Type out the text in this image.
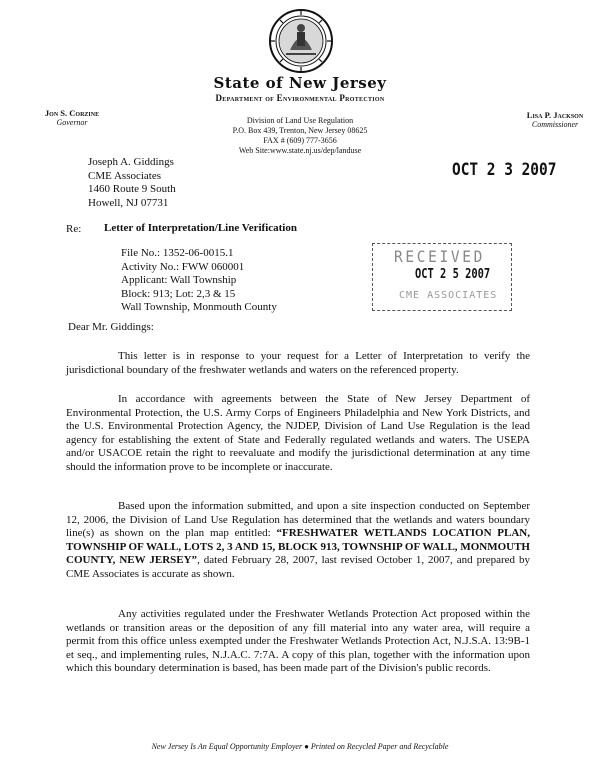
State of New Jersey
Department of Environmental Protection
Division of Land Use Regulation
P.O. Box 439, Trenton, New Jersey 08625
FAX # (609) 777-3656
Web Site:www.state.nj.us/dep/landuse
Jon S. Corzine
Governor
Lisa P. Jackson
Commissioner
OCT 2 3 2007
Joseph A. Giddings
CME Associates
1460 Route 9 South
Howell, NJ 07731
Re: Letter of Interpretation/Line Verification
File No.: 1352-06-0015.1
Activity No.: FWW 060001
Applicant: Wall Township
Block: 913; Lot: 2,3 & 15
Wall Township, Monmouth County
RECEIVED
OCT 2 5 2007
CME ASSOCIATES
Dear Mr. Giddings:
This letter is in response to your request for a Letter of Interpretation to verify the jurisdictional boundary of the freshwater wetlands and waters on the referenced property.
In accordance with agreements between the State of New Jersey Department of Environmental Protection, the U.S. Army Corps of Engineers Philadelphia and New York Districts, and the U.S. Environmental Protection Agency, the NJDEP, Division of Land Use Regulation is the lead agency for establishing the extent of State and Federally regulated wetlands and waters. The USEPA and/or USACOE retain the right to reevaluate and modify the jurisdictional determination at any time should the information prove to be incomplete or inaccurate.
Based upon the information submitted, and upon a site inspection conducted on September 12, 2006, the Division of Land Use Regulation has determined that the wetlands and waters boundary line(s) as shown on the plan map entitled: “FRESHWATER WETLANDS LOCATION PLAN, TOWNSHIP OF WALL, LOTS 2, 3 AND 15, BLOCK 913, TOWNSHIP OF WALL, MONMOUTH COUNTY, NEW JERSEY”, dated February 28, 2007, last revised October 1, 2007, and prepared by CME Associates is accurate as shown.
Any activities regulated under the Freshwater Wetlands Protection Act proposed within the wetlands or transition areas or the deposition of any fill material into any water area, will require a permit from this office unless exempted under the Freshwater Wetlands Protection Act, N.J.S.A. 13:9B-1 et seq., and implementing rules, N.J.A.C. 7:7A. A copy of this plan, together with the information upon which this boundary determination is based, has been made part of the Division's public records.
New Jersey Is An Equal Opportunity Employer ● Printed on Recycled Paper and Recyclable
